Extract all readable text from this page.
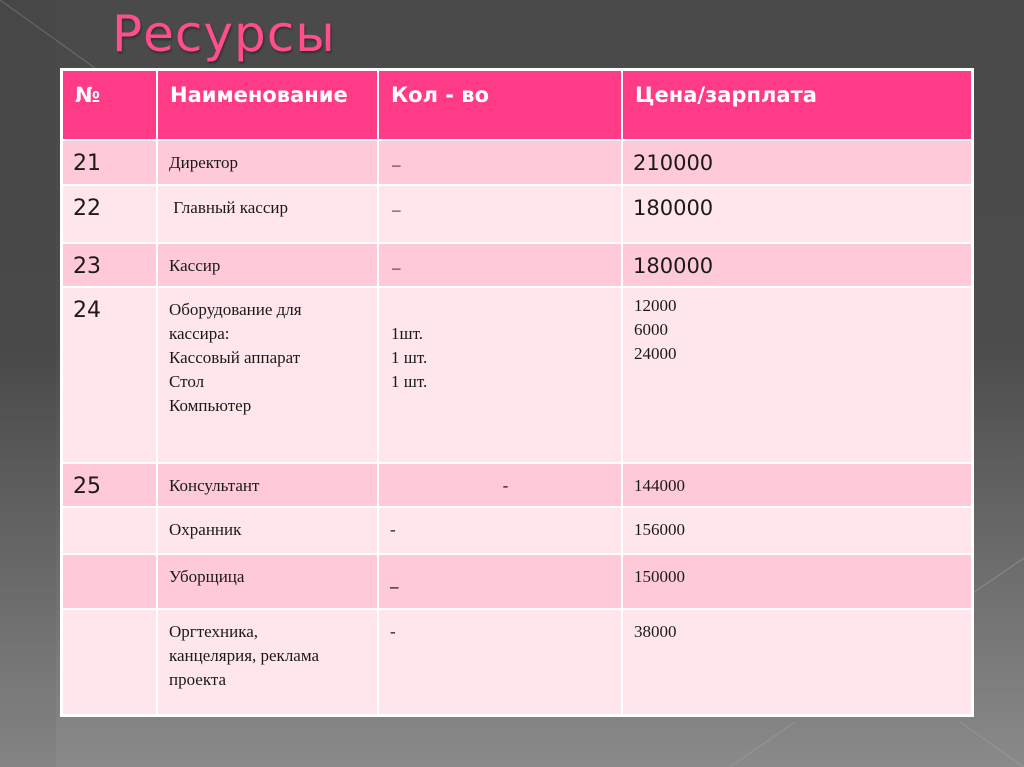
Ресурсы
№	Наименование	Кол - во	Цена/зарплата
21	Директор	–	210000
22	Главный кассир	–	180000
23	Кассир	–	180000
24	Оборудование для
кассира:
Кассовый аппарат
Стол
Компьютер	1шт.
1 шт.
1 шт.	12000
6000
24000

25	Консультант	-	144000
	Охранник	-	156000
	Уборщица	–	150000

	Оргтехника,
канцелярия, реклама
проекта	-	38000
